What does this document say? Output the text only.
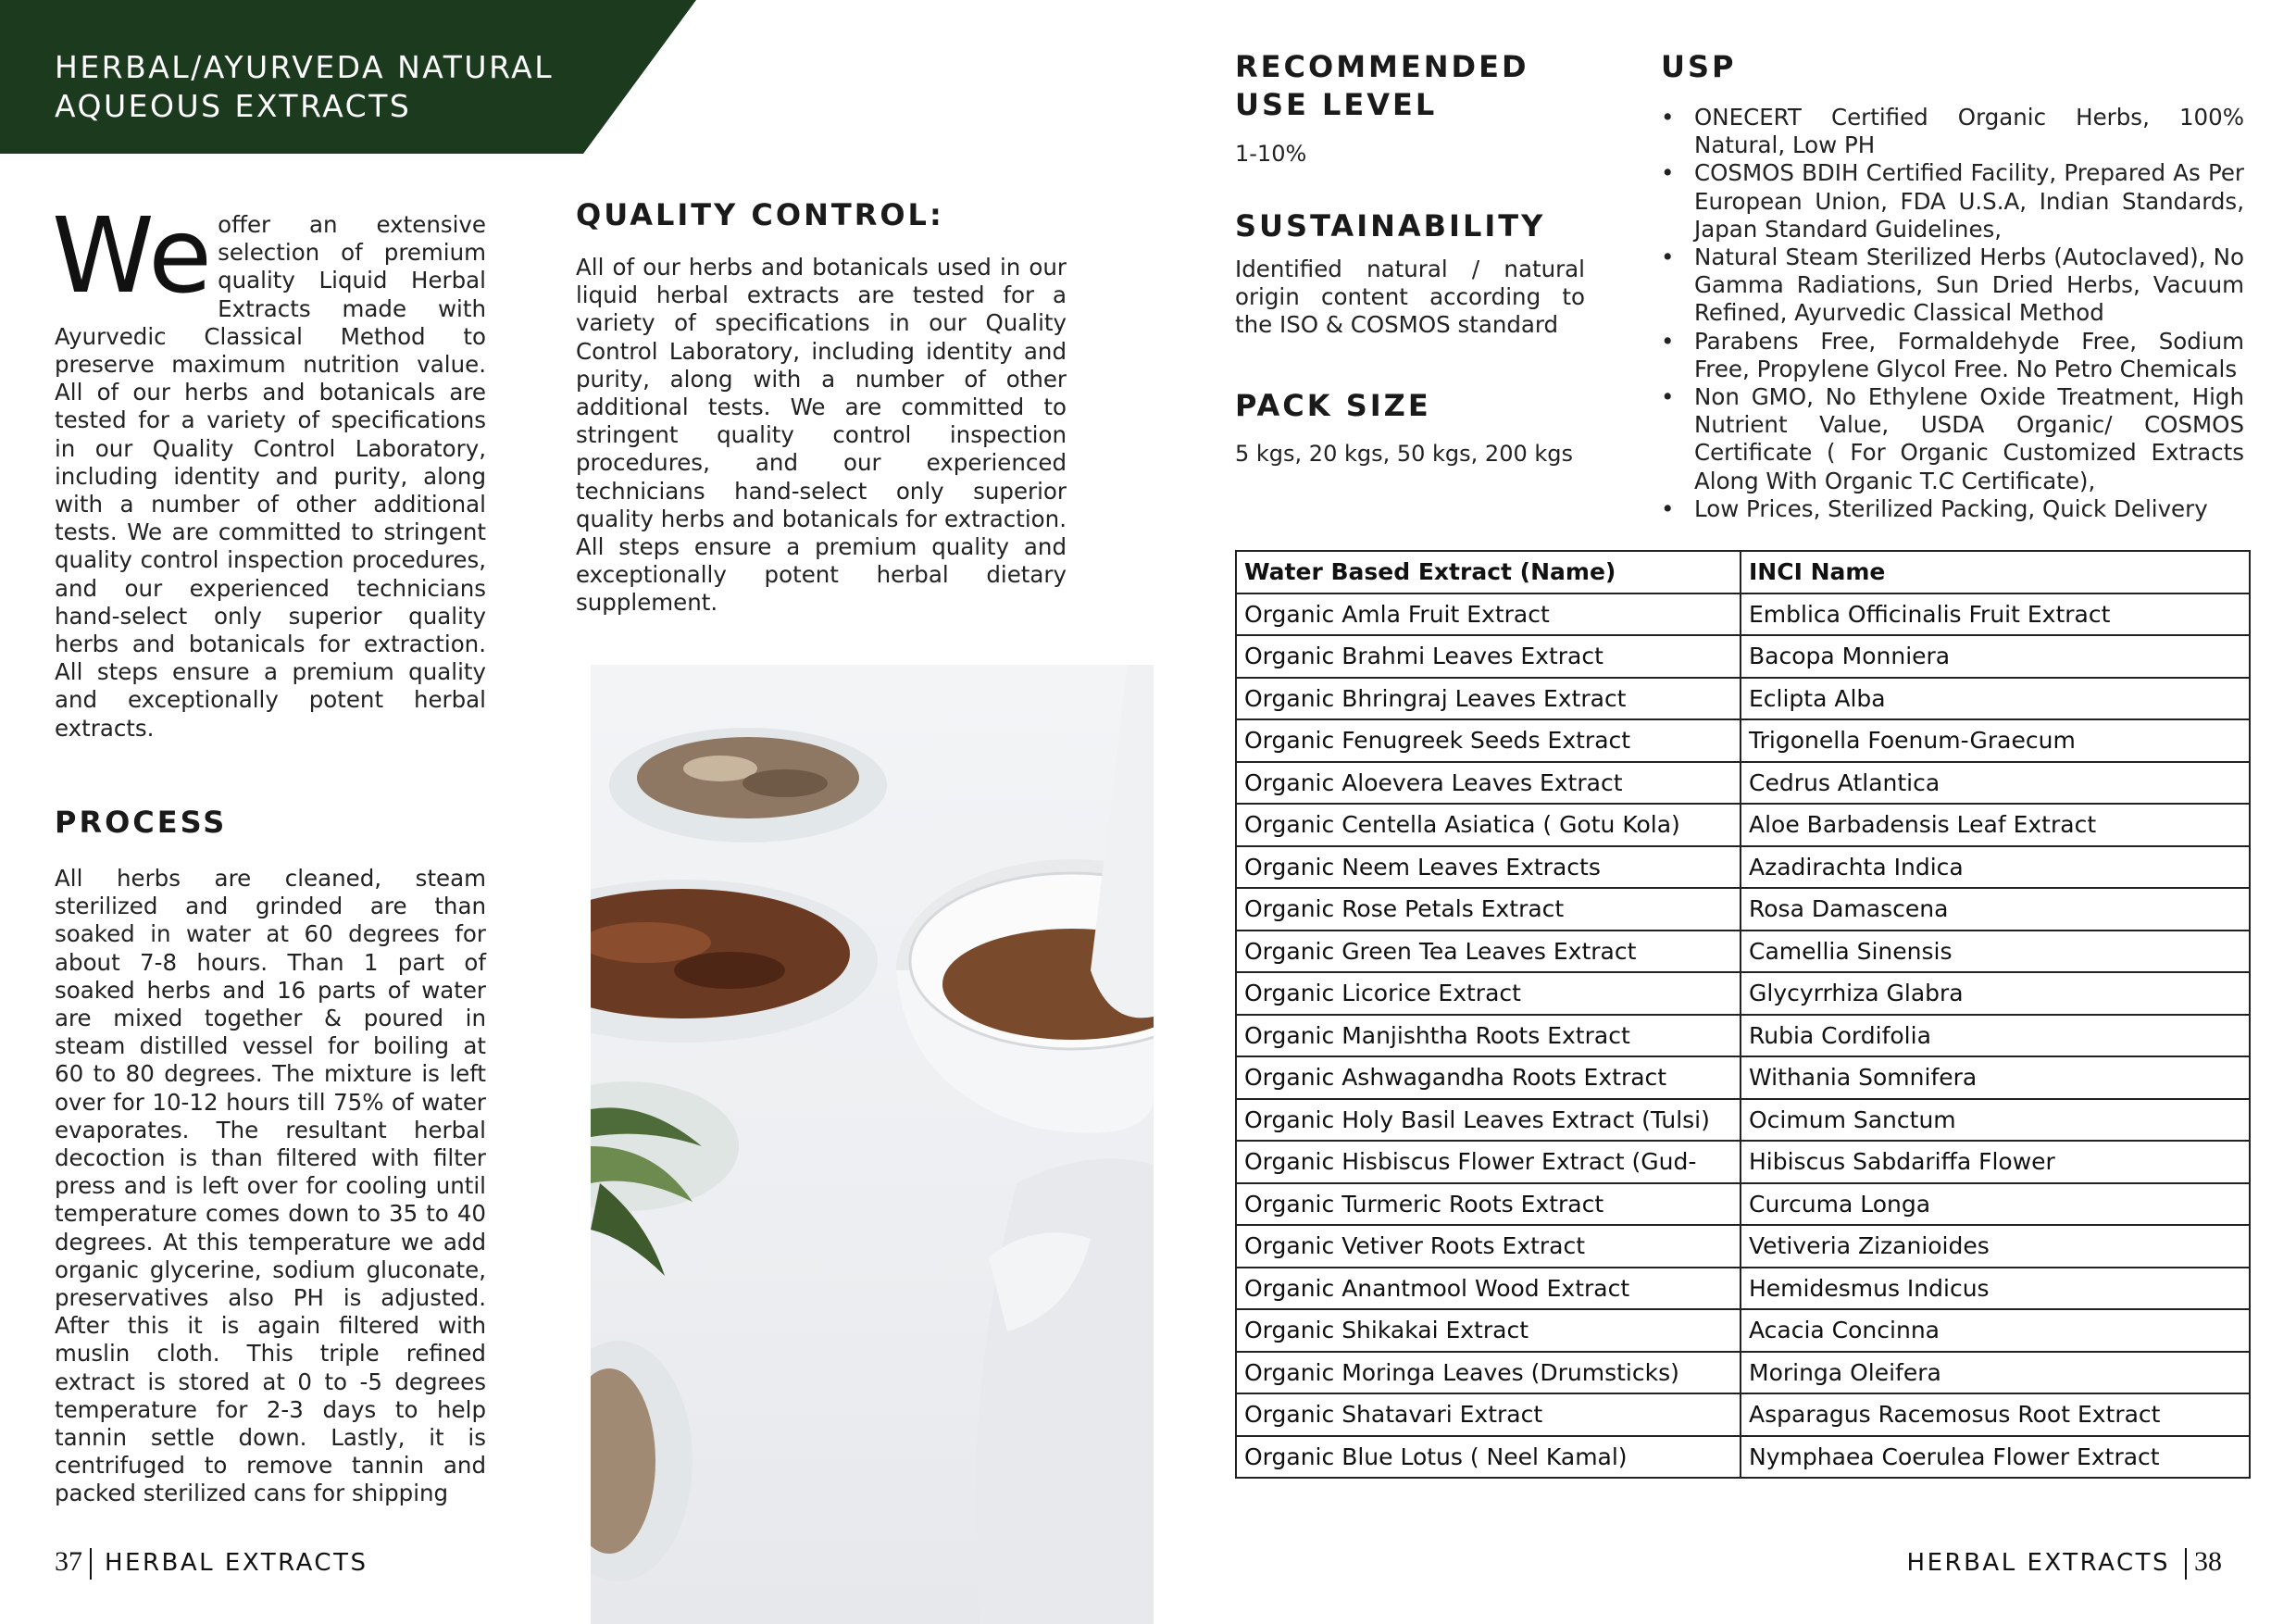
HERBAL/AYURVEDA NATURAL
AQUEOUS EXTRACTS

We offer an extensive selection of premium quality Liquid Herbal Extracts made with Ayurvedic Classical Method to preserve maximum nutrition value. All of our herbs and botanicals are tested for a variety of specifications in our Quality Control Laboratory, including identity and purity, along with a number of other additional tests. We are committed to stringent quality control inspection procedures, and our experienced technicians hand-select only superior quality herbs and botanicals for extraction. All steps ensure a premium quality and exceptionally potent herbal extracts.

PROCESS

All herbs are cleaned, steam sterilized and grinded are than soaked in water at 60 degrees for about 7-8 hours. Than 1 part of soaked herbs and 16 parts of water are mixed together & poured in steam distilled vessel for boiling at 60 to 80 degrees. The mixture is left over for 10-12 hours till 75% of water evaporates. The resultant herbal decoction is than filtered with filter press and is left over for cooling until temperature comes down to 35 to 40 degrees. At this temperature we add organic glycerine, sodium gluconate, preservatives also PH is adjusted. After this it is again filtered with muslin cloth. This triple refined extract is stored at 0 to -5 degrees temperature for 2-3 days to help tannin settle down. Lastly, it is centrifuged to remove tannin and packed sterilized cans for shipping

QUALITY CONTROL:

All of our herbs and botanicals used in our liquid herbal extracts are tested for a variety of specifications in our Quality Control Laboratory, including identity and purity, along with a number of other additional tests. We are committed to stringent quality control inspection procedures, and our experienced technicians hand-select only superior quality herbs and botanicals for extraction. All steps ensure a premium quality and exceptionally potent herbal dietary supplement.

37 HERBAL EXTRACTS
RECOMMENDED
USE LEVEL

1-10%

SUSTAINABILITY

Identified natural / natural origin content according to the ISO & COSMOS standard

PACK SIZE

5 kgs, 20 kgs, 50 kgs, 200 kgs

USP
• ONECERT Certified Organic Herbs, 100% Natural, Low PH
• COSMOS BDIH Certified Facility, Prepared As Per European Union, FDA U.S.A, Indian Standards, Japan Standard Guidelines,
• Natural Steam Sterilized Herbs (Autoclaved), No Gamma Radiations, Sun Dried Herbs, Vacuum Refined, Ayurvedic Classical Method
• Parabens Free, Formaldehyde Free, Sodium Free, Propylene Glycol Free. No Petro Chemicals
• Non GMO, No Ethylene Oxide Treatment, High Nutrient Value, USDA Organic/ COSMOS Certificate ( For Organic Customized Extracts Along With Organic T.C Certificate),
• Low Prices, Sterilized Packing, Quick Delivery
Water Based Extract (Name)	INCI Name
Organic Amla Fruit Extract	Emblica Officinalis Fruit Extract
Organic Brahmi Leaves Extract	Bacopa Monniera
Organic Bhringraj Leaves Extract	Eclipta Alba
Organic Fenugreek Seeds Extract	Trigonella Foenum-Graecum
Organic Aloevera Leaves Extract	Cedrus Atlantica
Organic Centella Asiatica ( Gotu Kola)	Aloe Barbadensis Leaf Extract
Organic Neem Leaves Extracts	Azadirachta Indica
Organic Rose Petals Extract	Rosa Damascena
Organic Green Tea Leaves Extract	Camellia Sinensis
Organic Licorice Extract	Glycyrrhiza Glabra
Organic Manjishtha Roots Extract	Rubia Cordifolia
Organic Ashwagandha Roots Extract	Withania Somnifera
Organic Holy Basil Leaves Extract (Tulsi)	Ocimum Sanctum
Organic Hisbiscus Flower Extract (Gud-	Hibiscus Sabdariffa Flower
Organic Turmeric Roots Extract	Curcuma Longa
Organic Vetiver Roots Extract	Vetiveria Zizanioides
Organic Anantmool Wood Extract	Hemidesmus Indicus
Organic Shikakai Extract	Acacia Concinna
Organic Moringa Leaves (Drumsticks)	Moringa Oleifera
Organic Shatavari Extract	Asparagus Racemosus Root Extract
Organic Blue Lotus ( Neel Kamal)	Nymphaea Coerulea Flower Extract
HERBAL EXTRACTS 38
